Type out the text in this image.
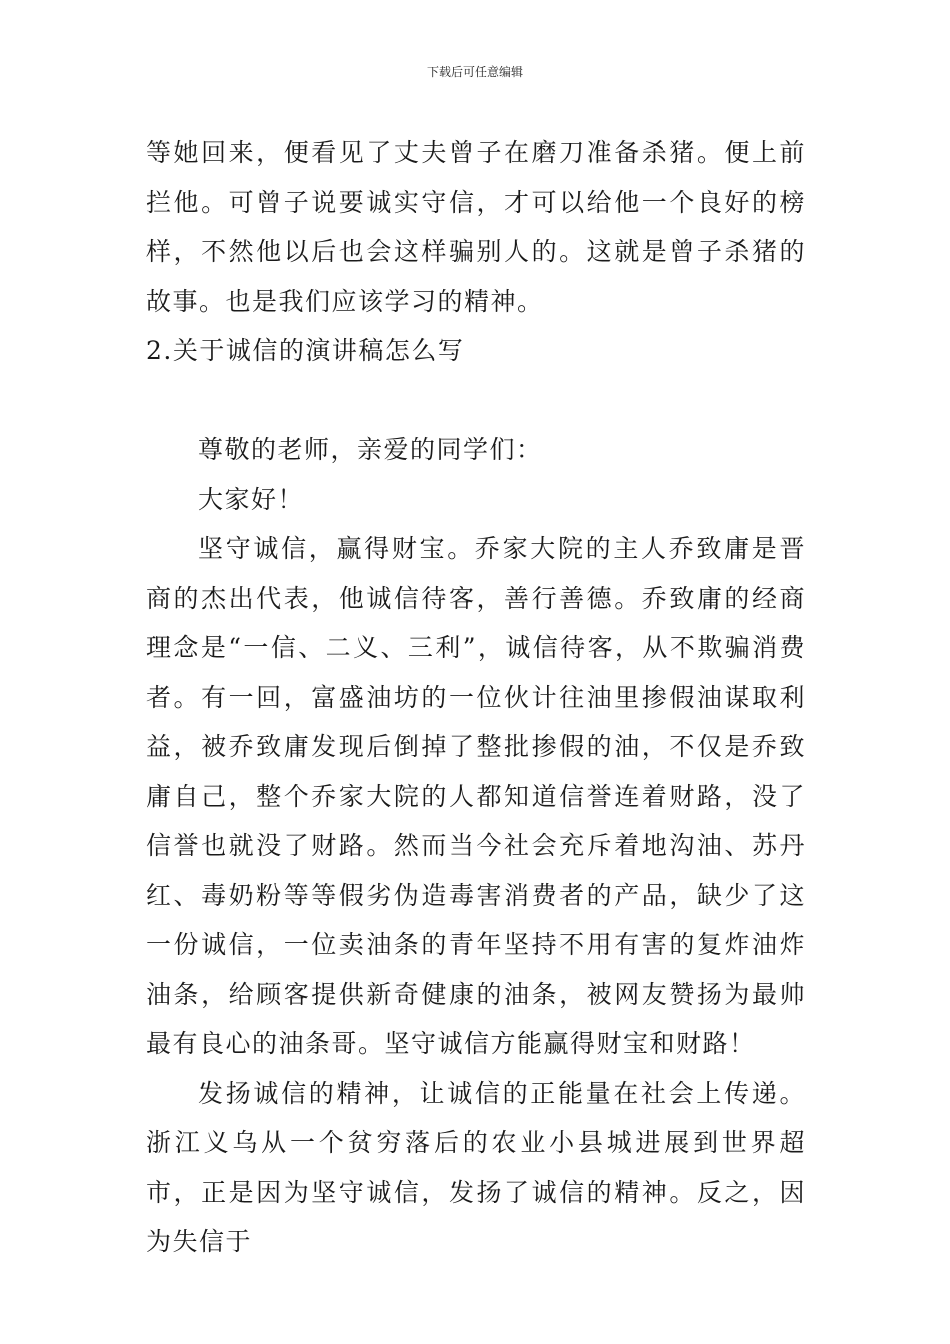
下载后可任意编辑

等她回来，便看见了丈夫曾子在磨刀准备杀猪。便上前拦他。可曾子说要诚实守信，才可以给他一个良好的榜样，不然他以后也会这样骗别人的。这就是曾子杀猪的故事。也是我们应该学习的精神。

2.关于诚信的演讲稿怎么写

尊敬的老师，亲爱的同学们：

大家好！

坚守诚信，赢得财宝。乔家大院的主人乔致庸是晋商的杰出代表，他诚信待客，善行善德。乔致庸的经商理念是“一信、二义、三利”，诚信待客，从不欺骗消费者。有一回，富盛油坊的一位伙计往油里掺假油谋取利益，被乔致庸发现后倒掉了整批掺假的油，不仅是乔致庸自己，整个乔家大院的人都知道信誉连着财路，没了信誉也就没了财路。然而当今社会充斥着地沟油、苏丹红、毒奶粉等等假劣伪造毒害消费者的产品，缺少了这一份诚信，一位卖油条的青年坚持不用有害的复炸油炸油条，给顾客提供新奇健康的油条，被网友赞扬为最帅最有良心的油条哥。坚守诚信方能赢得财宝和财路！

发扬诚信的精神，让诚信的正能量在社会上传递。浙江义乌从一个贫穷落后的农业小县城进展到世界超市，正是因为坚守诚信，发扬了诚信的精神。反之，因为失信于
